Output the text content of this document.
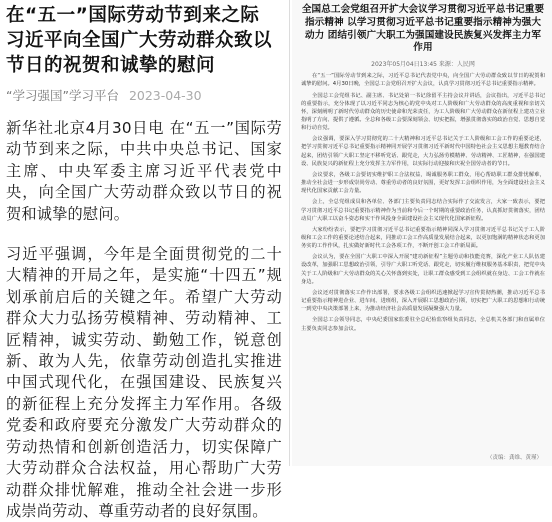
在“五一”国际劳动节到来之际 习近平向全国广大劳动群众致以节日的祝贺和诚挚的慰问
“学习强国”学习平台 2023-04-30

新华社北京4月30日电 在“五一”国际劳动节到来之际，中共中央总书记、国家主席、中央军委主席习近平代表党中央，向全国广大劳动群众致以节日的祝贺和诚挚的慰问。

习近平强调，今年是全面贯彻党的二十大精神的开局之年，是实施“十四五”规划承前启后的关键之年。希望广大劳动群众大力弘扬劳模精神、劳动精神、工匠精神，诚实劳动、勤勉工作，锐意创新、敢为人先，依靠劳动创造扎实推进中国式现代化，在强国建设、民族复兴的新征程上充分发挥主力军作用。各级党委和政府要充分激发广大劳动群众的劳动热情和创新创造活力，切实保障广大劳动群众合法权益，用心帮助广大劳动群众排忧解难，推动全社会进一步形成崇尚劳动、尊重劳动者的良好氛围。

全国总工会党组召开扩大会议学习贯彻习近平总书记重要指示精神 以学习贯彻习近平总书记重要指示精神为强大动力 团结引领广大职工为强国建设民族复兴发挥主力军作用
2023年05月04日13:45 来源：人民网

在“五一”国际劳动节到来之际，习近平总书记代表党中央，向全国广大劳动群众致以节日的祝贺和诚挚的慰问。4月30日晚，全国总工会党组召开扩大会议，认真学习贯彻习近平总书记重要指示精神。

全国总工会党组书记、副主席、书记处第一书记徐留平主持会议并讲话，会议指出，习近平总书记的重要指示，充分体现了以习近平同志为核心的党中央对工人阶级和广大劳动群众的高度重视和亲切关怀，深刻阐明了新时代劳动群众的历史使命和光荣责任，为工人阶级和广大劳动群众在新征程上建功立业指明了方向、提供了遵循。全总和各级工会要深刻领会、切实把握，增强贯彻落实的政治自觉、思想自觉和行动自觉。

会议强调，要深入学习贯彻党的二十大精神和习近平总书记关于工人阶级和工会工作的重要论述，把学习贯彻习近平总书记重要指示精神同开展学习贯彻习近平新时代中国特色社会主义思想主题教育结合起来，团结引领广大职工坚定不移听党话、跟党走，大力弘扬劳模精神、劳动精神、工匠精神，在强国建设、民族复兴的新征程上充分发挥主力军作用，以实际行动迎接和庆祝全国劳动者的节日。

会议要求，各级工会要切实维护职工合法权益，竭诚服务职工群众，用心帮助职工群众排忧解难，推动全社会进一步形成崇尚劳动、尊重劳动者的良好氛围，更好发挥工会组织作用，为全面建设社会主义现代化国家贡献工会力量。

会上，全总党组成员和各单位、各部门主要负责同志结合实际作了交流发言，大家一致表示，要把学习贯彻习近平总书记重要指示精神作为当前和今后一个时期的重要政治任务，认真抓好贯彻落实，团结动员广大职工以奋斗姿态和实干作风投身全面建设社会主义现代化国家新征程。

大家纷纷表示，要把学习贯彻习近平总书记重要指示精神同深入学习贯彻习近平总书记关于工人阶级和工会工作的重要论述结合起来，同推动工会工作高质量发展结合起来，以更加饱满的精神状态和更加务实的工作作风，扎实做好新时代工会各项工作，不断开创工会工作新局面。

会议认为，要在全国广大职工中深入开展“建功新征程”主题劳动和技能竞赛，深化产业工人队伍建设改革，加强职工思想政治引领，引导广大职工听党话、跟党走，切实履行维权服务基本职责，把党中央关于工人阶级和广大劳动群众的关心关怀落到实处，让职工群众感受到工会组织就在身边、工会工作就在身边。

会议还对贯彻落实工作作出部署，要求各级工会组织迅速掀起学习宣传贯彻热潮，推动习近平总书记重要指示精神进企业、进车间、进班组，深入开展职工思想政治引领，切实把广大职工的思想和行动统一到党中央决策部署上来，为推动经济社会高质量发展凝聚强大力量。

全国总工会领导同志，中央纪委国家监委驻全总纪检监察组负责同志，全总机关各部门和直属单位主要负责同志参加会议。

（责编：龚维、黄瑾）
